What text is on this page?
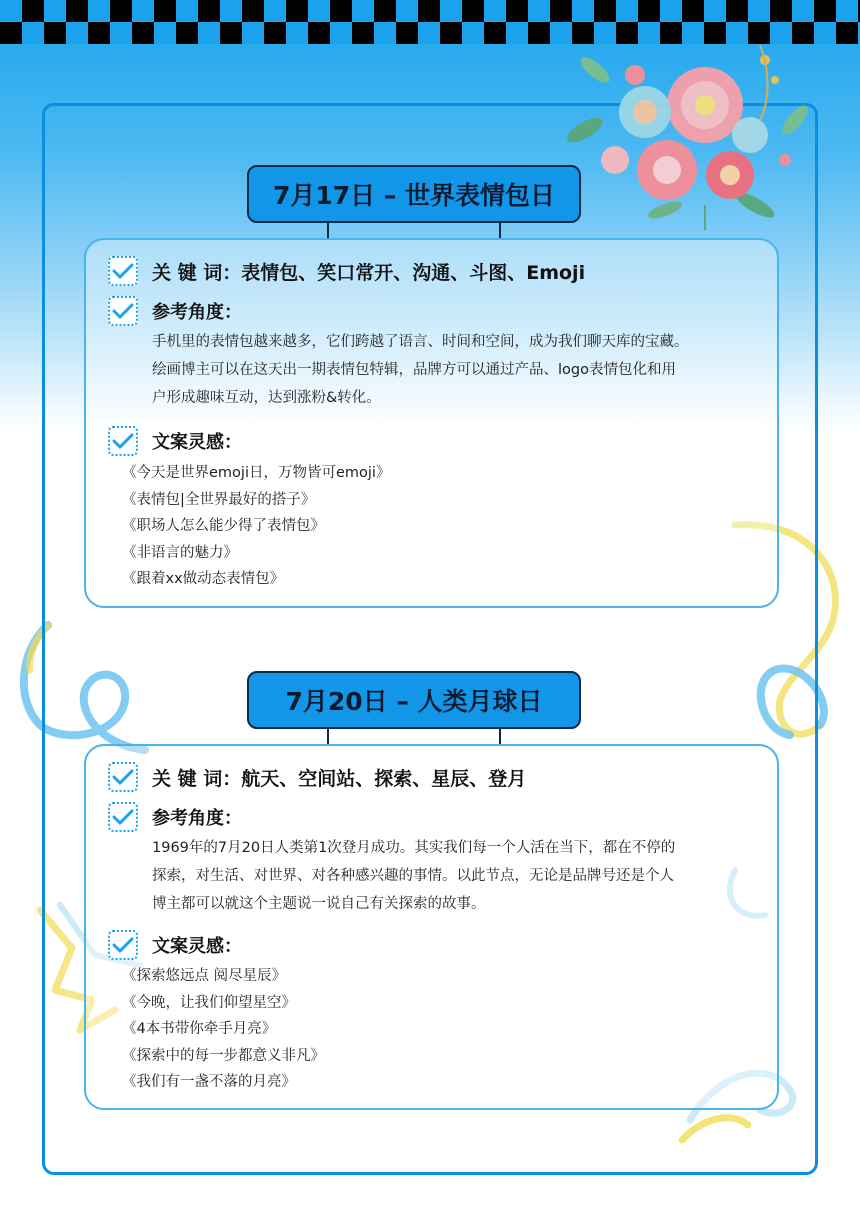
7月17日 – 世界表情包日
关 键 词：表情包、笑口常开、沟通、斗图、Emoji
参考角度：
手机里的表情包越来越多，它们跨越了语言、时间和空间，成为我们聊天库的宝藏。
绘画博主可以在这天出一期表情包特辑，品牌方可以通过产品、logo表情包化和用
户形成趣味互动，达到涨粉&转化。
文案灵感：
《今天是世界emoji日，万物皆可emoji》
《表情包|全世界最好的搭子》
《职场人怎么能少得了表情包》
《非语言的魅力》
《跟着xx做动态表情包》
7月20日 – 人类月球日
关 键 词：航天、空间站、探索、星辰、登月
参考角度：
1969年的7月20日人类第1次登月成功。其实我们每一个人活在当下，都在不停的
探索，对生活、对世界、对各种感兴趣的事情。以此节点，无论是品牌号还是个人
博主都可以就这个主题说一说自己有关探索的故事。
文案灵感：
《探索悠远点 阅尽星辰》
《今晚，让我们仰望星空》
《4本书带你牵手月亮》
《探索中的每一步都意义非凡》
《我们有一盏不落的月亮》
